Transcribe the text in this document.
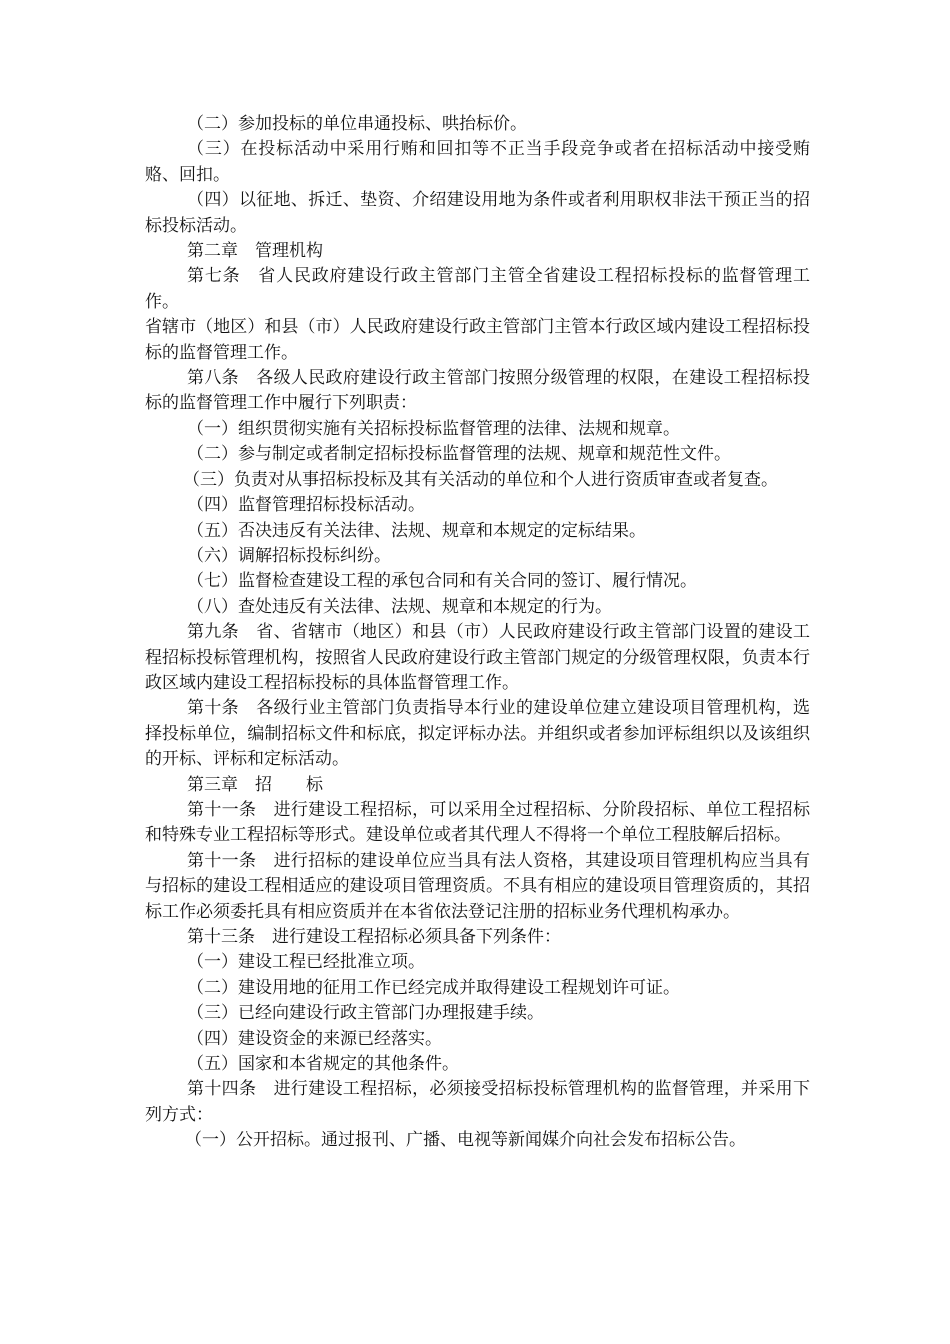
（二）参加投标的单位串通投标、哄抬标价。

（三）在投标活动中采用行贿和回扣等不正当手段竞争或者在招标活动中接受贿赂、回扣。

（四）以征地、拆迁、垫资、介绍建设用地为条件或者利用职权非法干预正当的招标投标活动。

第二章　管理机构

第七条　省人民政府建设行政主管部门主管全省建设工程招标投标的监督管理工作。

省辖市（地区）和县（市）人民政府建设行政主管部门主管本行政区域内建设工程招标投标的监督管理工作。

第八条　各级人民政府建设行政主管部门按照分级管理的权限，在建设工程招标投标的监督管理工作中履行下列职责：

（一）组织贯彻实施有关招标投标监督管理的法律、法规和规章。

（二）参与制定或者制定招标投标监督管理的法规、规章和规范性文件。

（三）负责对从事招标投标及其有关活动的单位和个人进行资质审查或者复查。

（四）监督管理招标投标活动。

（五）否决违反有关法律、法规、规章和本规定的定标结果。

（六）调解招标投标纠纷。

（七）监督检查建设工程的承包合同和有关合同的签订、履行情况。

（八）查处违反有关法律、法规、规章和本规定的行为。

第九条　省、省辖市（地区）和县（市）人民政府建设行政主管部门设置的建设工程招标投标管理机构，按照省人民政府建设行政主管部门规定的分级管理权限，负责本行政区域内建设工程招标投标的具体监督管理工作。

第十条　各级行业主管部门负责指导本行业的建设单位建立建设项目管理机构，选择投标单位，编制招标文件和标底，拟定评标办法。并组织或者参加评标组织以及该组织的开标、评标和定标活动。

第三章　招　　标

第十一条　进行建设工程招标，可以采用全过程招标、分阶段招标、单位工程招标和特殊专业工程招标等形式。建设单位或者其代理人不得将一个单位工程肢解后招标。

第十一条　进行招标的建设单位应当具有法人资格，其建设项目管理机构应当具有与招标的建设工程相适应的建设项目管理资质。不具有相应的建设项目管理资质的，其招标工作必须委托具有相应资质并在本省依法登记注册的招标业务代理机构承办。

第十三条　进行建设工程招标必须具备下列条件：

（一）建设工程已经批准立项。

（二）建设用地的征用工作已经完成并取得建设工程规划许可证。

（三）已经向建设行政主管部门办理报建手续。

（四）建设资金的来源已经落实。

（五）国家和本省规定的其他条件。

第十四条　进行建设工程招标，必须接受招标投标管理机构的监督管理，并采用下列方式：

（一）公开招标。通过报刊、广播、电视等新闻媒介向社会发布招标公告。
